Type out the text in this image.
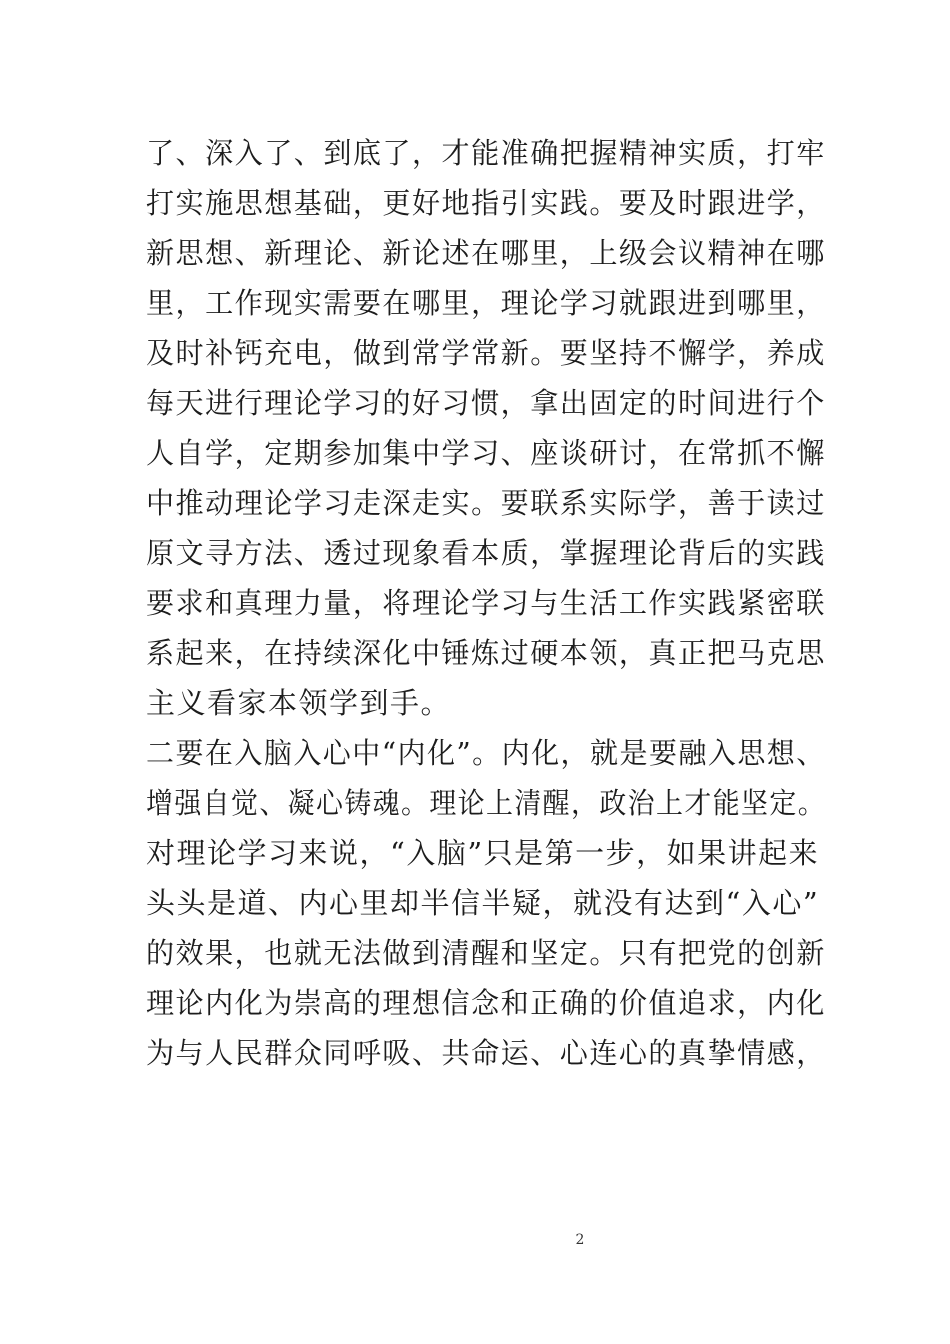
了、深入了、到底了，才能准确把握精神实质，打牢
打实施思想基础，更好地指引实践。要及时跟进学，
新思想、新理论、新论述在哪里，上级会议精神在哪
里，工作现实需要在哪里，理论学习就跟进到哪里，
及时补钙充电，做到常学常新。要坚持不懈学，养成
每天进行理论学习的好习惯，拿出固定的时间进行个
人自学，定期参加集中学习、座谈研讨，在常抓不懈
中推动理论学习走深走实。要联系实际学，善于读过
原文寻方法、透过现象看本质，掌握理论背后的实践
要求和真理力量，将理论学习与生活工作实践紧密联
系起来，在持续深化中锤炼过硬本领，真正把马克思
主义看家本领学到手。
二要在入脑入心中“内化”。内化，就是要融入思想、
增强自觉、凝心铸魂。理论上清醒，政治上才能坚定。
对理论学习来说，“入脑”只是第一步，如果讲起来
头头是道、内心里却半信半疑，就没有达到“入心”
的效果，也就无法做到清醒和坚定。只有把党的创新
理论内化为崇高的理想信念和正确的价值追求，内化
为与人民群众同呼吸、共命运、心连心的真挚情感，
2
